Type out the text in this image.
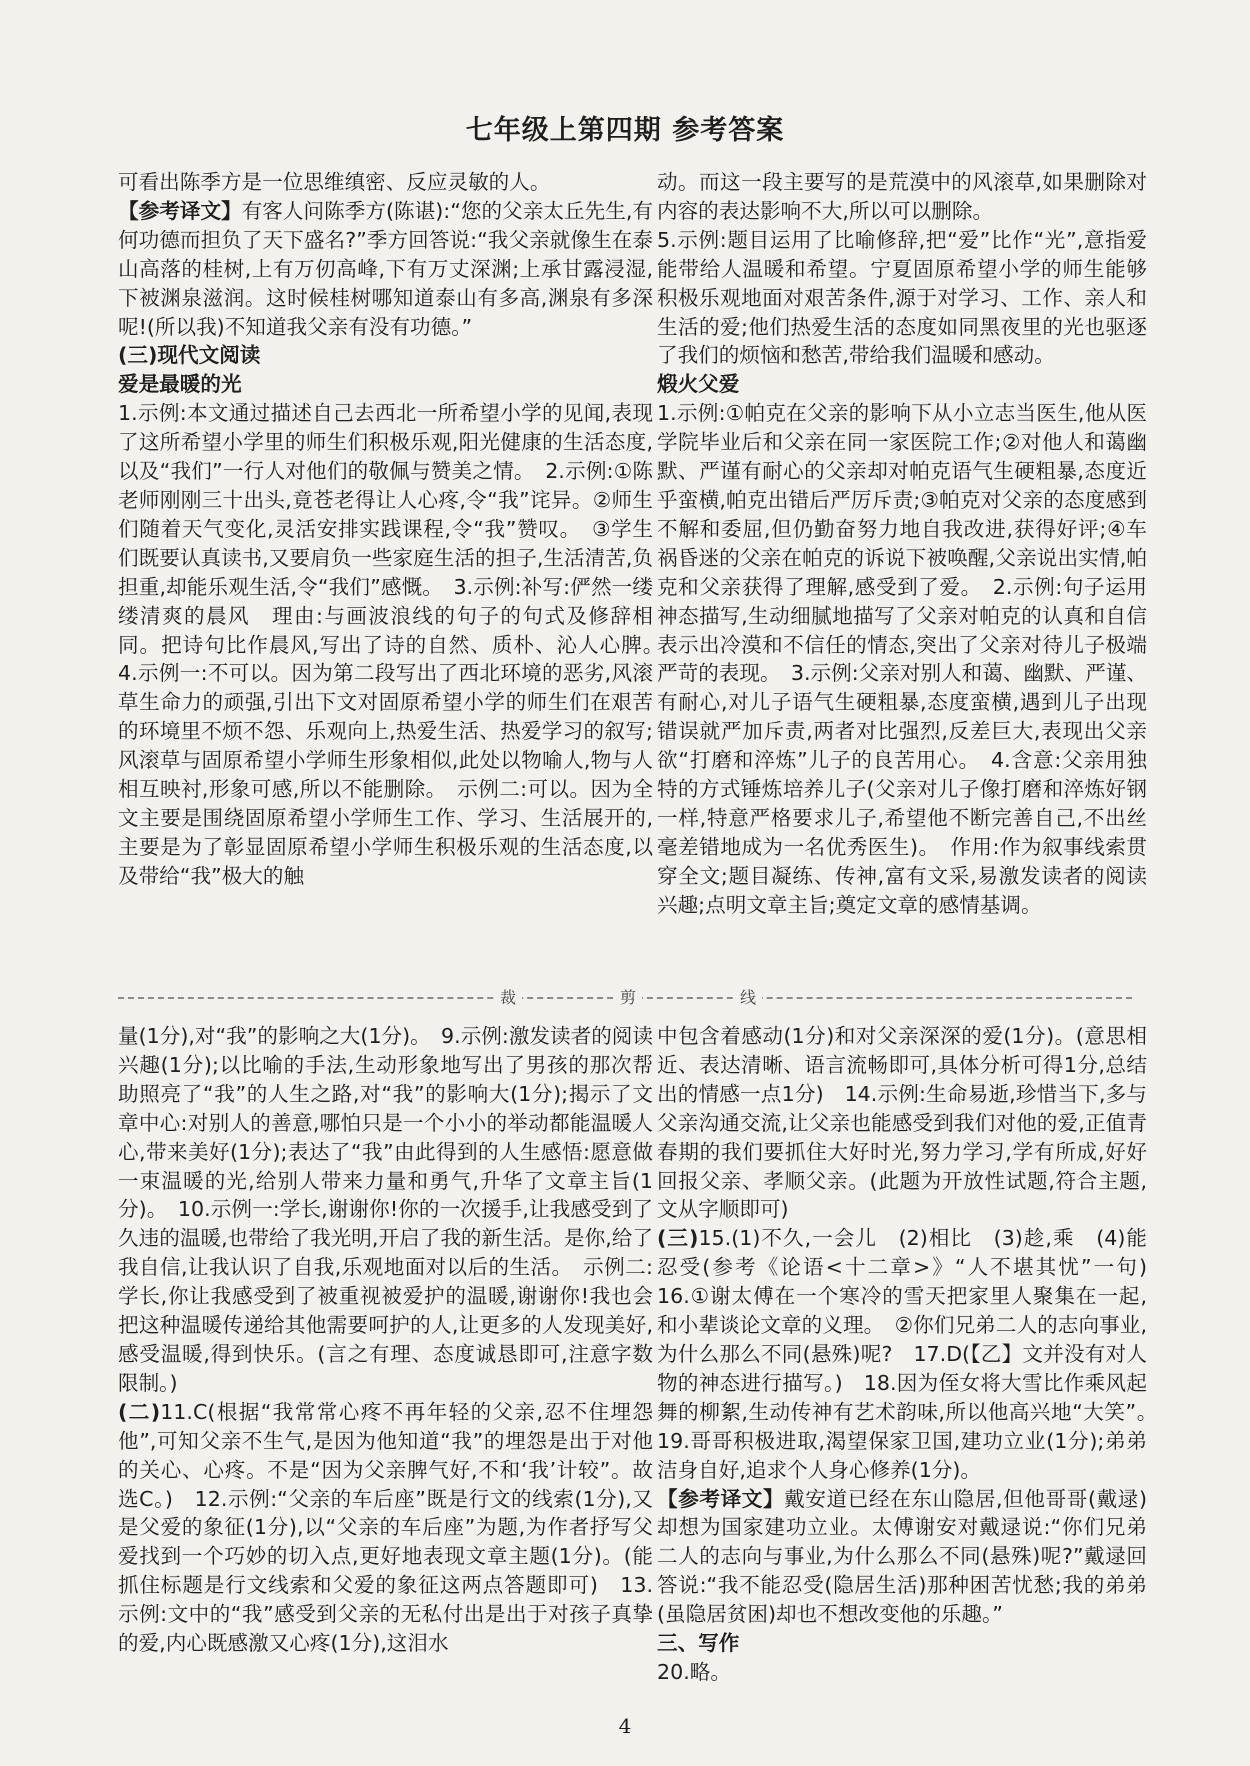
七年级上第四期 参考答案

可看出陈季方是一位思维缜密、反应灵敏的人。

【参考译文】有客人问陈季方(陈谌):“您的父亲太丘先生,有何功德而担负了天下盛名?”季方回答说:“我父亲就像生在泰山高落的桂树,上有万仞高峰,下有万丈深渊;上承甘露浸湿,下被渊泉滋润。这时候桂树哪知道泰山有多高,渊泉有多深呢!(所以我)不知道我父亲有没有功德。”

(三)现代文阅读

爱是最暖的光

1.示例:本文通过描述自己去西北一所希望小学的见闻,表现了这所希望小学里的师生们积极乐观,阳光健康的生活态度,以及“我们”一行人对他们的敬佩与赞美之情。　2.示例:①陈老师刚刚三十出头,竟苍老得让人心疼,令“我”诧异。②师生们随着天气变化,灵活安排实践课程,令“我”赞叹。　③学生们既要认真读书,又要肩负一些家庭生活的担子,生活清苦,负担重,却能乐观生活,令“我们”感慨。　3.示例:补写:俨然一缕缕清爽的晨风　理由:与画波浪线的句子的句式及修辞相同。把诗句比作晨风,写出了诗的自然、质朴、沁人心脾。　4.示例一:不可以。因为第二段写出了西北环境的恶劣,风滚草生命力的顽强,引出下文对固原希望小学的师生们在艰苦的环境里不烦不怨、乐观向上,热爱生活、热爱学习的叙写;风滚草与固原希望小学师生形象相似,此处以物喻人,物与人相互映衬,形象可感,所以不能删除。　示例二:可以。因为全文主要是围绕固原希望小学师生工作、学习、生活展开的,主要是为了彰显固原希望小学师生积极乐观的生活态度,以及带给“我”极大的触

动。而这一段主要写的是荒漠中的风滚草,如果删除对内容的表达影响不大,所以可以删除。

5.示例:题目运用了比喻修辞,把“爱”比作“光”,意指爱能带给人温暖和希望。宁夏固原希望小学的师生能够积极乐观地面对艰苦条件,源于对学习、工作、亲人和生活的爱;他们热爱生活的态度如同黑夜里的光也驱逐了我们的烦恼和愁苦,带给我们温暖和感动。

煅火父爱

1.示例:①帕克在父亲的影响下从小立志当医生,他从医学院毕业后和父亲在同一家医院工作;②对他人和蔼幽默、严谨有耐心的父亲却对帕克语气生硬粗暴,态度近乎蛮横,帕克出错后严厉斥责;③帕克对父亲的态度感到不解和委屈,但仍勤奋努力地自我改进,获得好评;④车祸昏迷的父亲在帕克的诉说下被唤醒,父亲说出实情,帕克和父亲获得了理解,感受到了爱。　2.示例:句子运用神态描写,生动细腻地描写了父亲对帕克的认真和自信表示出冷漠和不信任的情态,突出了父亲对待儿子极端严苛的表现。　3.示例:父亲对别人和蔼、幽默、严谨、有耐心,对儿子语气生硬粗暴,态度蛮横,遇到儿子出现错误就严加斥责,两者对比强烈,反差巨大,表现出父亲欲“打磨和淬炼”儿子的良苦用心。　4.含意:父亲用独特的方式锤炼培养儿子(父亲对儿子像打磨和淬炼好钢一样,特意严格要求儿子,希望他不断完善自己,不出丝毫差错地成为一名优秀医生)。　作用:作为叙事线索贯穿全文;题目凝练、传神,富有文采,易激发读者的阅读兴趣;点明文章主旨;奠定文章的感情基调。

裁	剪	线

量(1分),对“我”的影响之大(1分)。　9.示例:激发读者的阅读兴趣(1分);以比喻的手法,生动形象地写出了男孩的那次帮助照亮了“我”的人生之路,对“我”的影响大(1分);揭示了文章中心:对别人的善意,哪怕只是一个小小的举动都能温暖人心,带来美好(1分);表达了“我”由此得到的人生感悟:愿意做一束温暖的光,给别人带来力量和勇气,升华了文章主旨(1分)。　10.示例一:学长,谢谢你!你的一次援手,让我感受到了久违的温暖,也带给了我光明,开启了我的新生活。是你,给了我自信,让我认识了自我,乐观地面对以后的生活。　示例二:学长,你让我感受到了被重视被爱护的温暖,谢谢你!我也会把这种温暖传递给其他需要呵护的人,让更多的人发现美好,感受温暖,得到快乐。(言之有理、态度诚恳即可,注意字数限制。)

(二)11.C(根据“我常常心疼不再年轻的父亲,忍不住埋怨他”,可知父亲不生气,是因为他知道“我”的埋怨是出于对他的关心、心疼。不是“因为父亲脾气好,不和‘我’计较”。故选C。)　12.示例:“父亲的车后座”既是行文的线索(1分),又是父爱的象征(1分),以“父亲的车后座”为题,为作者抒写父爱找到一个巧妙的切入点,更好地表现文章主题(1分)。(能抓住标题是行文线索和父爱的象征这两点答题即可)　13.示例:文中的“我”感受到父亲的无私付出是出于对孩子真挚的爱,内心既感激又心疼(1分),这泪水

中包含着感动(1分)和对父亲深深的爱(1分)。(意思相近、表达清晰、语言流畅即可,具体分析可得1分,总结出的情感一点1分)　14.示例:生命易逝,珍惜当下,多与父亲沟通交流,让父亲也能感受到我们对他的爱,正值青春期的我们要抓住大好时光,努力学习,学有所成,好好回报父亲、孝顺父亲。(此题为开放性试题,符合主题,文从字顺即可)

(三)15.(1)不久,一会儿　(2)相比　(3)趁,乘　(4)能忍受(参考《论语<十二章>》“人不堪其忧”一句)　16.①谢太傅在一个寒冷的雪天把家里人聚集在一起,和小辈谈论文章的义理。　②你们兄弟二人的志向事业,为什么那么不同(悬殊)呢?　17.D(【乙】文并没有对人物的神态进行描写。)　18.因为侄女将大雪比作乘风起舞的柳絮,生动传神有艺术韵味,所以他高兴地“大笑”。　19.哥哥积极进取,渴望保家卫国,建功立业(1分);弟弟洁身自好,追求个人身心修养(1分)。

【参考译文】戴安道已经在东山隐居,但他哥哥(戴逯)却想为国家建功立业。太傅谢安对戴逯说:“你们兄弟二人的志向与事业,为什么那么不同(悬殊)呢?”戴逯回答说:“我不能忍受(隐居生活)那种困苦忧愁;我的弟弟(虽隐居贫困)却也不想改变他的乐趣。”

三、写作

20.略。

4
